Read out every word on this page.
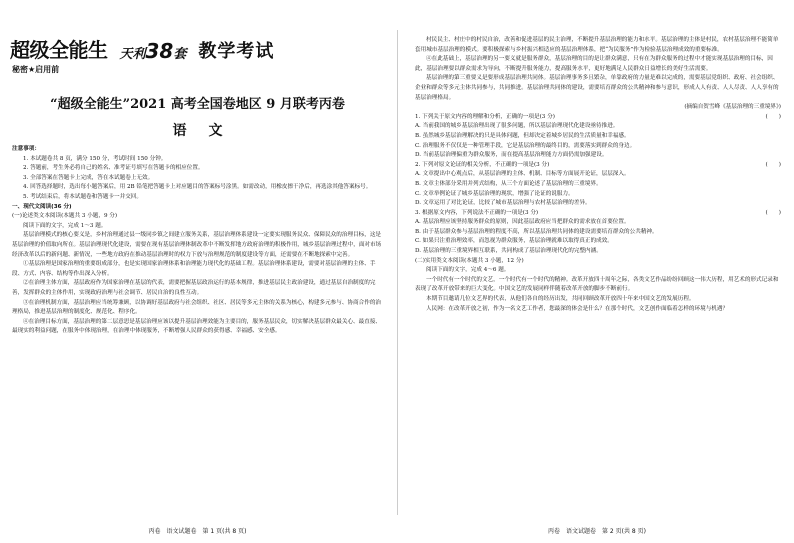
超级全能生 天利38套 教学考试
秘密★启用前
“超级全能生”2021 高考全国卷地区 9 月联考丙卷
语文

注意事项：

1. 本试题卷共 8 页，满分 150 分，考试时间 150 分钟。

2. 答题前，考生务必将自己的姓名、准考证号填写在答题卡的相应位置。

3. 全部答案在答题卡上完成，答在本试题卷上无效。

4. 回答选择题时，选出每小题答案后，用 2B 铅笔把答题卡上对应题目的答案标号涂黑。如需改动，用橡皮擦干净后，再选涂其他答案标号。

5. 考试结束后，将本试题卷和答题卡一并交回。

一、现代文阅读(36 分)

(一)论述类文本阅读(本题共 3 小题，9 分)

阅读下面的文字，完成 1～3 题。

基层治理模式的核心要义是，乡村治理通过县一级同乡镇之间建立服务关系，基层治理体系建设一定要实现服务民众、保障民众的治理目标，这是基层治理的价值取向所在。基层治理现代化建设，需要在现有基层治理体制改革中不断发挥地方政府治理的积极作用，城乡基层治理过程中，面对市场经济改革以后的新问题、新情况，一些地方政府在推动基层治理时的权力下放与治理规范的制度建设等方面，还需要在不断地探索中完善。

①基层治理是国家治理的重要组成部分，也是实现国家治理体系和治理能力现代化的基础工程。基层治理体系建设，需要对基层治理的主体、手段、方式、内容、结构等作出深入分析。

②在治理主体方面，基层政府作为国家治理在基层的代表，需要把握基层政治运行的基本规律，推进基层民主政治建设，通过基层自治制度的完善，发挥群众的主体作用，实现政府治理与社会调节、居民自治的良性互动。

③在治理机制方面，基层治理应当统筹兼顾，以协调好基层政府与社会组织、社区、居民等多元主体的关系为核心，构建多元参与、协商合作的治理格局，推进基层治理的制度化、规范化、程序化。

④在治理目标方面，基层治理的第二层意思是基层治理应该以提升基层治理效能为主要目的，服务基层民众，切实解决基层群众最关心、最直接、最现实的利益问题，在服务中体现治理，在治理中体现服务，不断增强人民群众的获得感、幸福感、安全感。

丙卷　语文试题卷　第 1 页(共 8 页)

村民民主、村庄中的村民自治，改善和促进基层的民主治理，不断提升基层治理的能力和水平。基层治理的主体是村民，农村基层治理不能简单套用城市基层治理的模式。要积极探索与乡村振兴相适应的基层治理体系，把“为民服务”作为检验基层治理成效的重要标准。

④在此基础上，基层治理的另一要义就是服务群众，基层治理的目的是让群众满意，只有在为群众服务的过程中才能实现基层治理的目标，因此，基层治理要以群众需求为导向，不断提升服务能力，提高服务水平，更好地满足人民群众日益增长的美好生活需要。

基层治理的第三重要义是要形成基层治理共同体。基层治理事务多且繁杂，单靠政府的力量是难以完成的，需要基层党组织、政府、社会组织、企业和群众等多元主体共同参与，共同推进。基层治理共同体的建设，需要培育群众的公共精神和参与意识，形成人人有责、人人尽责、人人享有的基层治理格局。

(摘编自贺雪峰《基层治理的三重境界》)

1. 下列关于原文内容的理解和分析，正确的一项是(3 分)	(　　)

A. 当前我国的城乡基层治理出现了很多问题，所以基层治理现代化建设亟待推进。

B. 虽然城乡基层治理解决的只是具体问题，但却决定着城乡居民的生活质量和幸福感。

C. 治理服务不仅仅是一种管理手段，它是基层治理的最终目的，需要落实到群众的身边。

D. 当前基层治理偏重为群众服务，而在提高基层治理能力方面仍需加强建设。

2. 下列对原文论证的相关分析，不正确的一项是(3 分)	(　　)

A. 文章提出中心观点后，从基层治理的主体、机制、目标等方面展开论证，层层深入。

B. 文章主体部分采用并列式结构，从三个方面论述了基层治理的三重境界。

C. 文章举例论证了城乡基层治理的现状，增强了论证的说服力。

D. 文章运用了对比论证，比较了城市基层治理与农村基层治理的差异。

3. 根据原文内容，下列说法不正确的一项是(3 分)	(　　)

A. 基层治理应该坚持服务群众的原则，因此基层政府应当把群众的需求放在首要位置。

B. 由于基层群众参与基层治理的程度不高，所以基层治理共同体的建设需要培育群众的公共精神。

C. 如果只注重治理效率，而忽视为群众服务，基层治理就难以取得真正的成效。

D. 基层治理的三重境界相互联系，共同构成了基层治理现代化的完整内涵。

(二)实用类文本阅读(本题共 3 小题，12 分)

阅读下面的文字，完成 4～6 题。

一个时代有一个时代的文艺，一个时代有一个时代的精神。改革开放四十周年之际，各类文艺作品纷纷回顾这一伟大历程，用艺术的形式记录和表现了改革开放带来的巨大变化。中国文艺的发展同样伴随着改革开放的脚步不断前行。

本期节目邀请几位文艺界的代表，从他们各自的经历出发，共同回顾改革开放四十年来中国文艺的发展历程。

人民网：在改革开放之初，作为一名文艺工作者，您最深的体会是什么？在那个时代，文艺创作面临着怎样的环境与机遇？

丙卷　语文试题卷　第 2 页(共 8 页)
